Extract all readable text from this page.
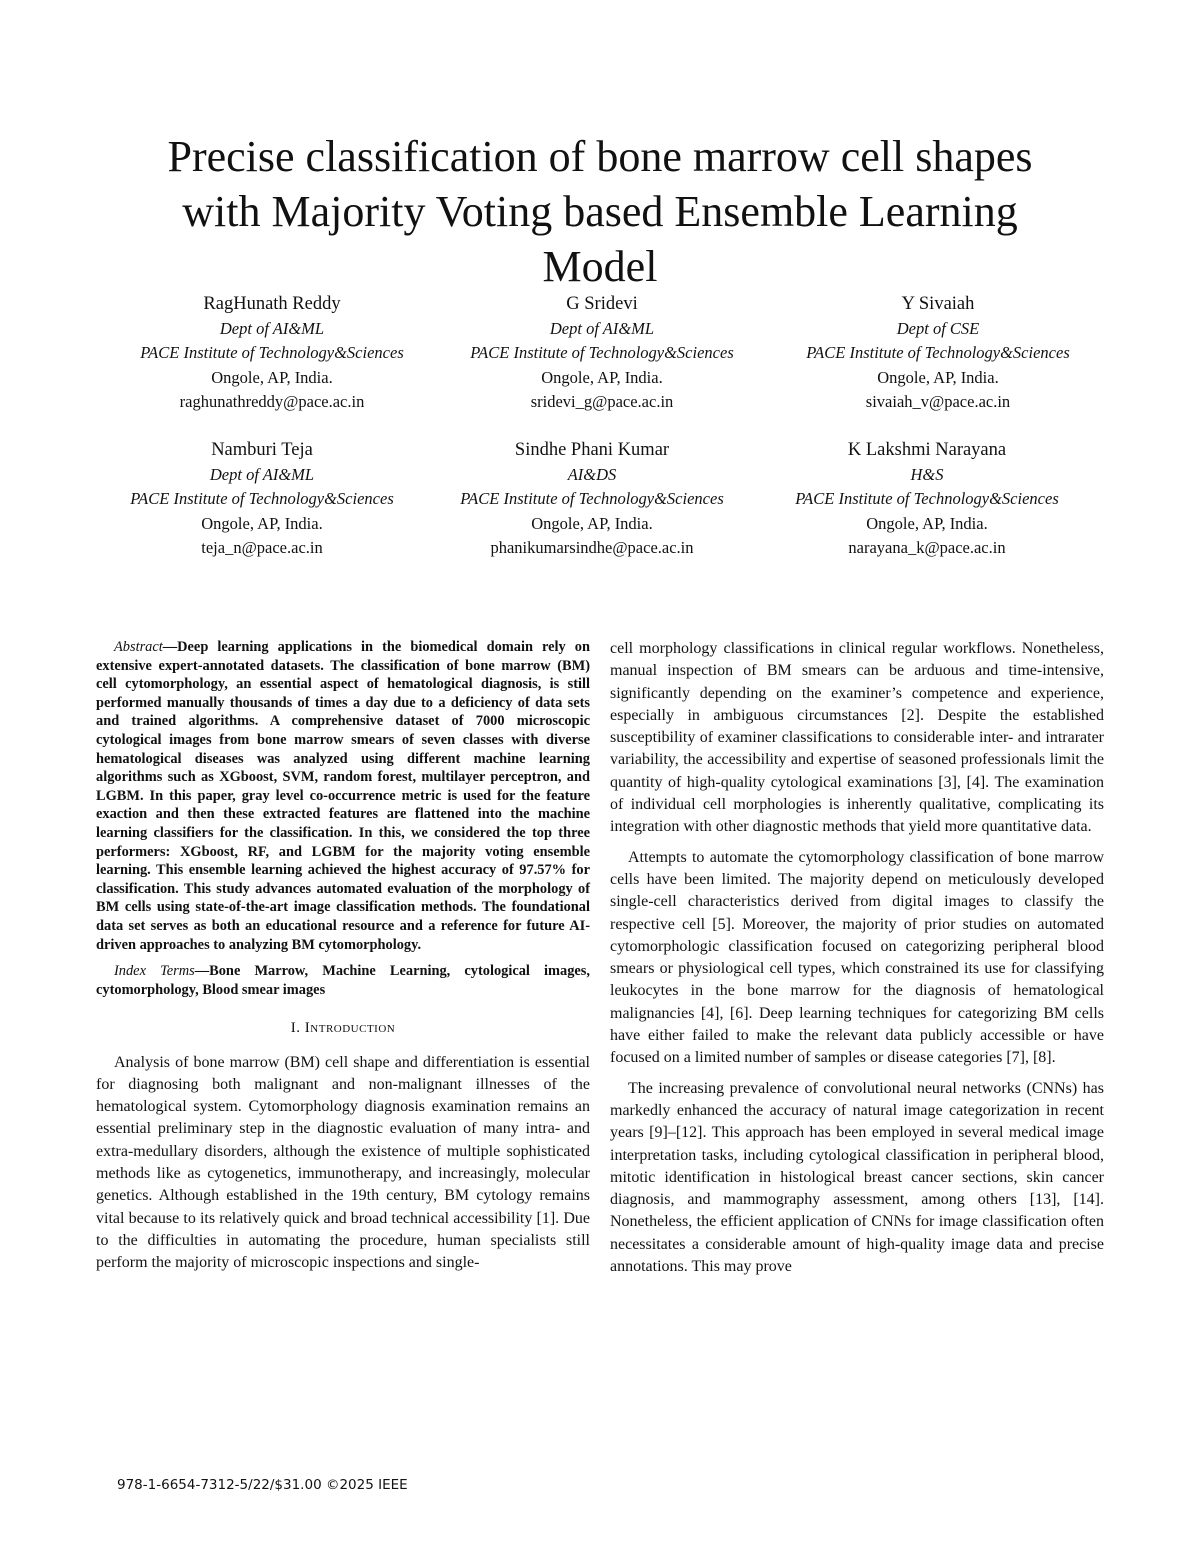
Precise classification of bone marrow cell shapes
with Majority Voting based Ensemble Learning
Model
RagHunath Reddy
Dept of AI&ML
PACE Institute of Technology&Sciences
Ongole, AP, India.
raghunathreddy@pace.ac.in
G Sridevi
Dept of AI&ML
PACE Institute of Technology&Sciences
Ongole, AP, India.
sridevi_g@pace.ac.in
Y Sivaiah
Dept of CSE
PACE Institute of Technology&Sciences
Ongole, AP, India.
sivaiah_v@pace.ac.in
Namburi Teja
Dept of AI&ML
PACE Institute of Technology&Sciences
Ongole, AP, India.
teja_n@pace.ac.in
Sindhe Phani Kumar
AI&DS
PACE Institute of Technology&Sciences
Ongole, AP, India.
phanikumarsindhe@pace.ac.in
K Lakshmi Narayana
H&S
PACE Institute of Technology&Sciences
Ongole, AP, India.
narayana_k@pace.ac.in

Abstract—Deep learning applications in the biomedical domain rely on extensive expert-annotated datasets. The classification of bone marrow (BM) cell cytomorphology, an essential aspect of hematological diagnosis, is still performed manually thousands of times a day due to a deficiency of data sets and trained algorithms. A comprehensive dataset of 7000 microscopic cytological images from bone marrow smears of seven classes with diverse hematological diseases was analyzed using different machine learning algorithms such as XGboost, SVM, random forest, multilayer perceptron, and LGBM. In this paper, gray level co-occurrence metric is used for the feature exaction and then these extracted features are flattened into the machine learning classifiers for the classification. In this, we considered the top three performers: XGboost, RF, and LGBM for the majority voting ensemble learning. This ensemble learning achieved the highest accuracy of 97.57% for classification. This study advances automated evaluation of the morphology of BM cells using state-of-the-art image classification methods. The foundational data set serves as both an educational resource and a reference for future AI-driven approaches to analyzing BM cytomorphology.

Index Terms—Bone Marrow, Machine Learning, cytological images, cytomorphology, Blood smear images

I. Introduction

Analysis of bone marrow (BM) cell shape and differentiation is essential for diagnosing both malignant and non-malignant illnesses of the hematological system. Cytomorphology diagnosis examination remains an essential preliminary step in the diagnostic evaluation of many intra- and extra-medullary disorders, although the existence of multiple sophisticated methods like as cytogenetics, immunotherapy, and increasingly, molecular genetics. Although established in the 19th century, BM cytology remains vital because to its relatively quick and broad technical accessibility [1]. Due to the difficulties in automating the procedure, human specialists still perform the majority of microscopic inspections and single-

cell morphology classifications in clinical regular workflows. Nonetheless, manual inspection of BM smears can be arduous and time-intensive, significantly depending on the examiner’s competence and experience, especially in ambiguous circumstances [2]. Despite the established susceptibility of examiner classifications to considerable inter- and intrarater variability, the accessibility and expertise of seasoned professionals limit the quantity of high-quality cytological examinations [3], [4]. The examination of individual cell morphologies is inherently qualitative, complicating its integration with other diagnostic methods that yield more quantitative data.

Attempts to automate the cytomorphology classification of bone marrow cells have been limited. The majority depend on meticulously developed single-cell characteristics derived from digital images to classify the respective cell [5]. Moreover, the majority of prior studies on automated cytomorphologic classification focused on categorizing peripheral blood smears or physiological cell types, which constrained its use for classifying leukocytes in the bone marrow for the diagnosis of hematological malignancies [4], [6]. Deep learning techniques for categorizing BM cells have either failed to make the relevant data publicly accessible or have focused on a limited number of samples or disease categories [7], [8].

The increasing prevalence of convolutional neural networks (CNNs) has markedly enhanced the accuracy of natural image categorization in recent years [9]–[12]. This approach has been employed in several medical image interpretation tasks, including cytological classification in peripheral blood, mitotic identification in histological breast cancer sections, skin cancer diagnosis, and mammography assessment, among others [13], [14]. Nonetheless, the efficient application of CNNs for image classification often necessitates a considerable amount of high-quality image data and precise annotations. This may prove

978-1-6654-7312-5/22/$31.00 ©2025 IEEE
